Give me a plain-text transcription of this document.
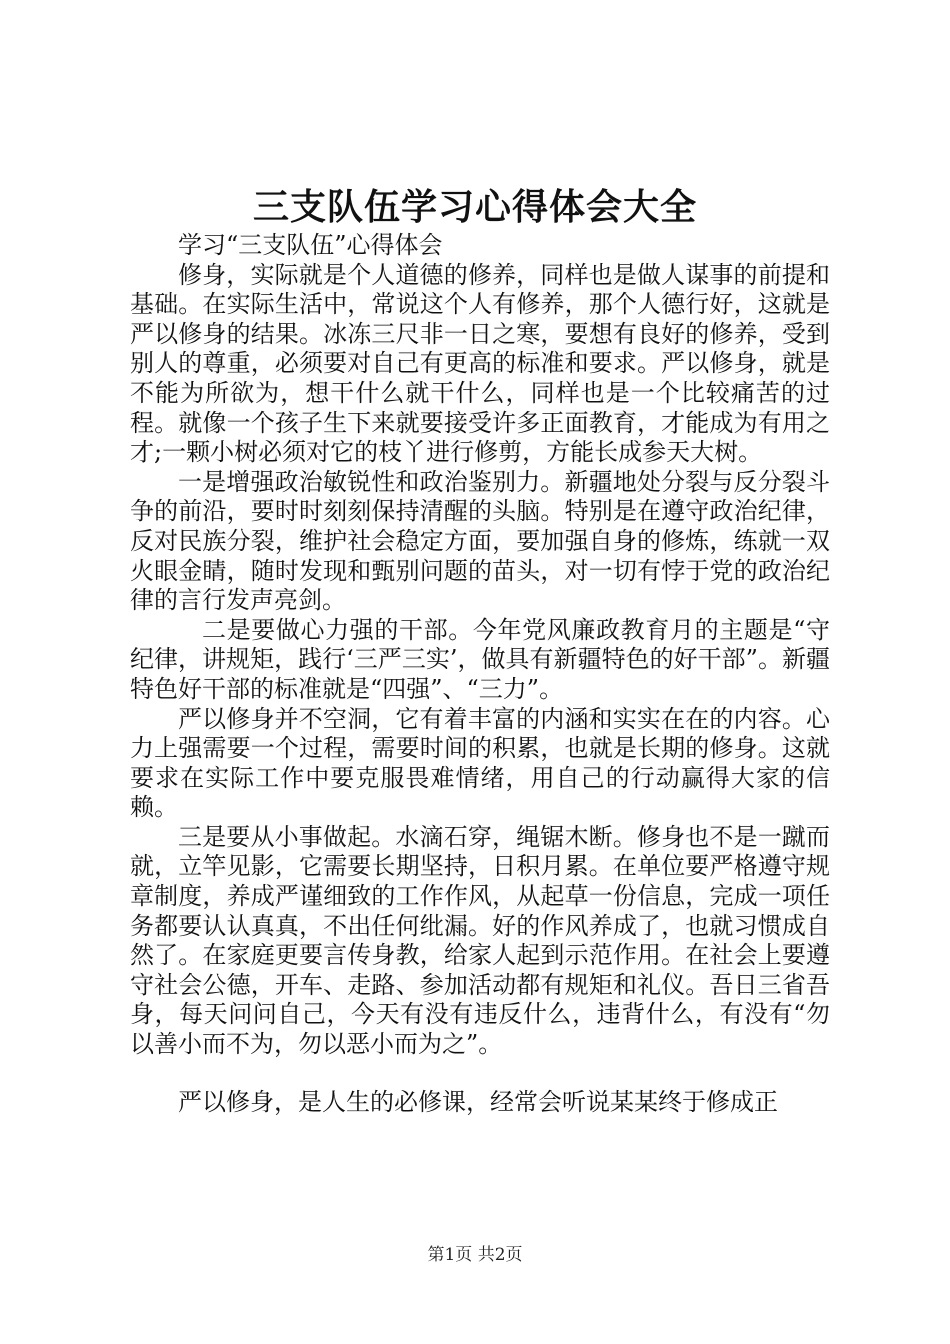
三支队伍学习心得体会大全

学习“三支队伍”心得体会

修身，实际就是个人道德的修养，同样也是做人谋事的前提和基础。在实际生活中，常说这个人有修养，那个人德行好，这就是严以修身的结果。冰冻三尺非一日之寒，要想有良好的修养，受到别人的尊重，必须要对自己有更高的标准和要求。严以修身，就是不能为所欲为，想干什么就干什么，同样也是一个比较痛苦的过程。就像一个孩子生下来就要接受许多正面教育，才能成为有用之才;一颗小树必须对它的枝丫进行修剪，方能长成参天大树。

一是增强政治敏锐性和政治鉴别力。新疆地处分裂与反分裂斗争的前沿，要时时刻刻保持清醒的头脑。特别是在遵守政治纪律，反对民族分裂，维护社会稳定方面，要加强自身的修炼，练就一双火眼金睛，随时发现和甄别问题的苗头，对一切有悖于党的政治纪律的言行发声亮剑。

二是要做心力强的干部。今年党风廉政教育月的主题是“守纪律，讲规矩，践行‘三严三实’，做具有新疆特色的好干部”。新疆特色好干部的标准就是“四强”、“三力”。

严以修身并不空洞，它有着丰富的内涵和实实在在的内容。心力上强需要一个过程，需要时间的积累，也就是长期的修身。这就要求在实际工作中要克服畏难情绪，用自己的行动赢得大家的信赖。

三是要从小事做起。水滴石穿，绳锯木断。修身也不是一蹴而就，立竿见影，它需要长期坚持，日积月累。在单位要严格遵守规章制度，养成严谨细致的工作作风，从起草一份信息，完成一项任务都要认认真真，不出任何纰漏。好的作风养成了，也就习惯成自然了。在家庭更要言传身教，给家人起到示范作用。在社会上要遵守社会公德，开车、走路、参加活动都有规矩和礼仪。吾日三省吾身，每天问问自己，今天有没有违反什么，违背什么，有没有“勿以善小而不为，勿以恶小而为之”。

严以修身，是人生的必修课，经常会听说某某终于修成正

第1页 共2页
